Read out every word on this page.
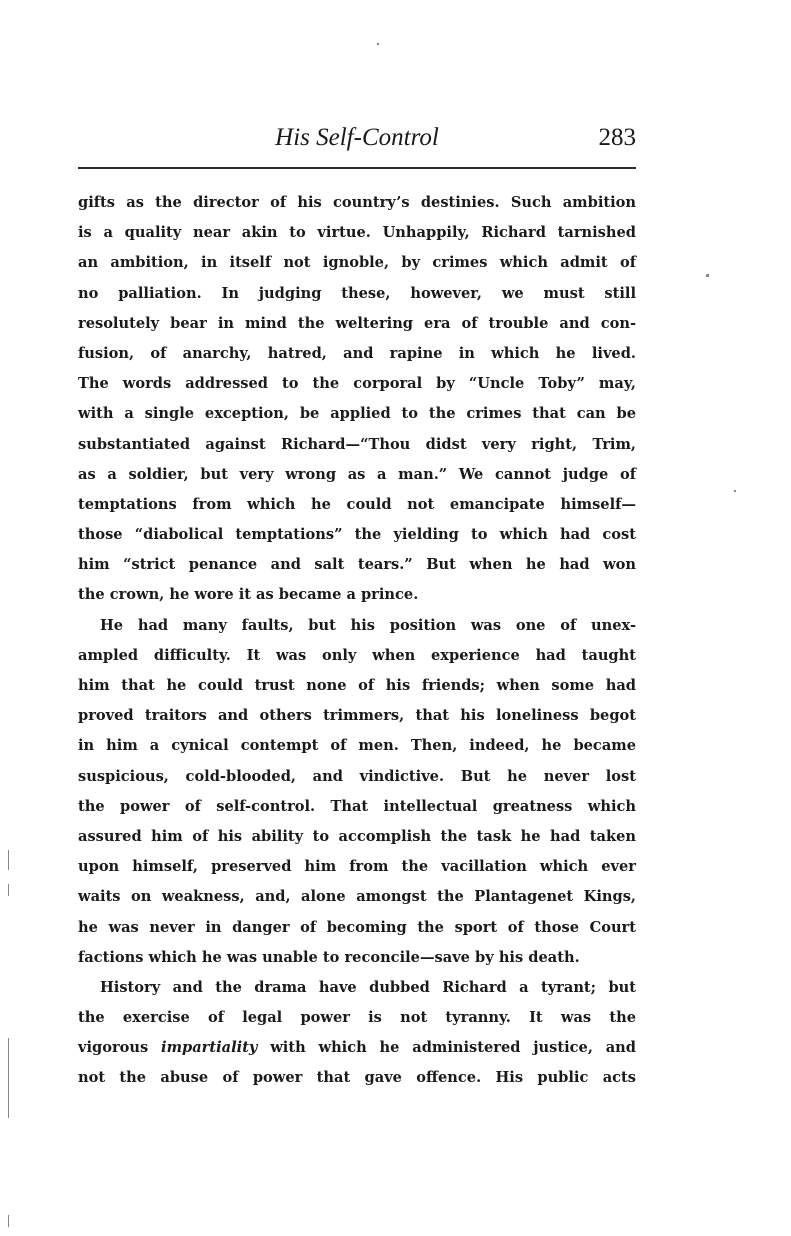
His Self-Control	283
gifts as the director of his country’s destinies. Such ambition
is a quality near akin to virtue. Unhappily, Richard tarnished
an ambition, in itself not ignoble, by crimes which admit of
no palliation. In judging these, however, we must still
resolutely bear in mind the weltering era of trouble and con-
fusion, of anarchy, hatred, and rapine in which he lived.
The words addressed to the corporal by “Uncle Toby” may,
with a single exception, be applied to the crimes that can be
substantiated against Richard—“Thou didst very right, Trim,
as a soldier, but very wrong as a man.” We cannot judge of
temptations from which he could not emancipate himself—
those “diabolical temptations” the yielding to which had cost
him “strict penance and salt tears.” But when he had won
the crown, he wore it as became a prince.
He had many faults, but his position was one of unex-
ampled difficulty. It was only when experience had taught
him that he could trust none of his friends; when some had
proved traitors and others trimmers, that his loneliness begot
in him a cynical contempt of men. Then, indeed, he became
suspicious, cold-blooded, and vindictive. But he never lost
the power of self-control. That intellectual greatness which
assured him of his ability to accomplish the task he had taken
upon himself, preserved him from the vacillation which ever
waits on weakness, and, alone amongst the Plantagenet Kings,
he was never in danger of becoming the sport of those Court
factions which he was unable to reconcile—save by his death.
History and the drama have dubbed Richard a tyrant; but
the exercise of legal power is not tyranny. It was the
vigorous impartiality with which he administered justice, and
not the abuse of power that gave offence. His public acts
